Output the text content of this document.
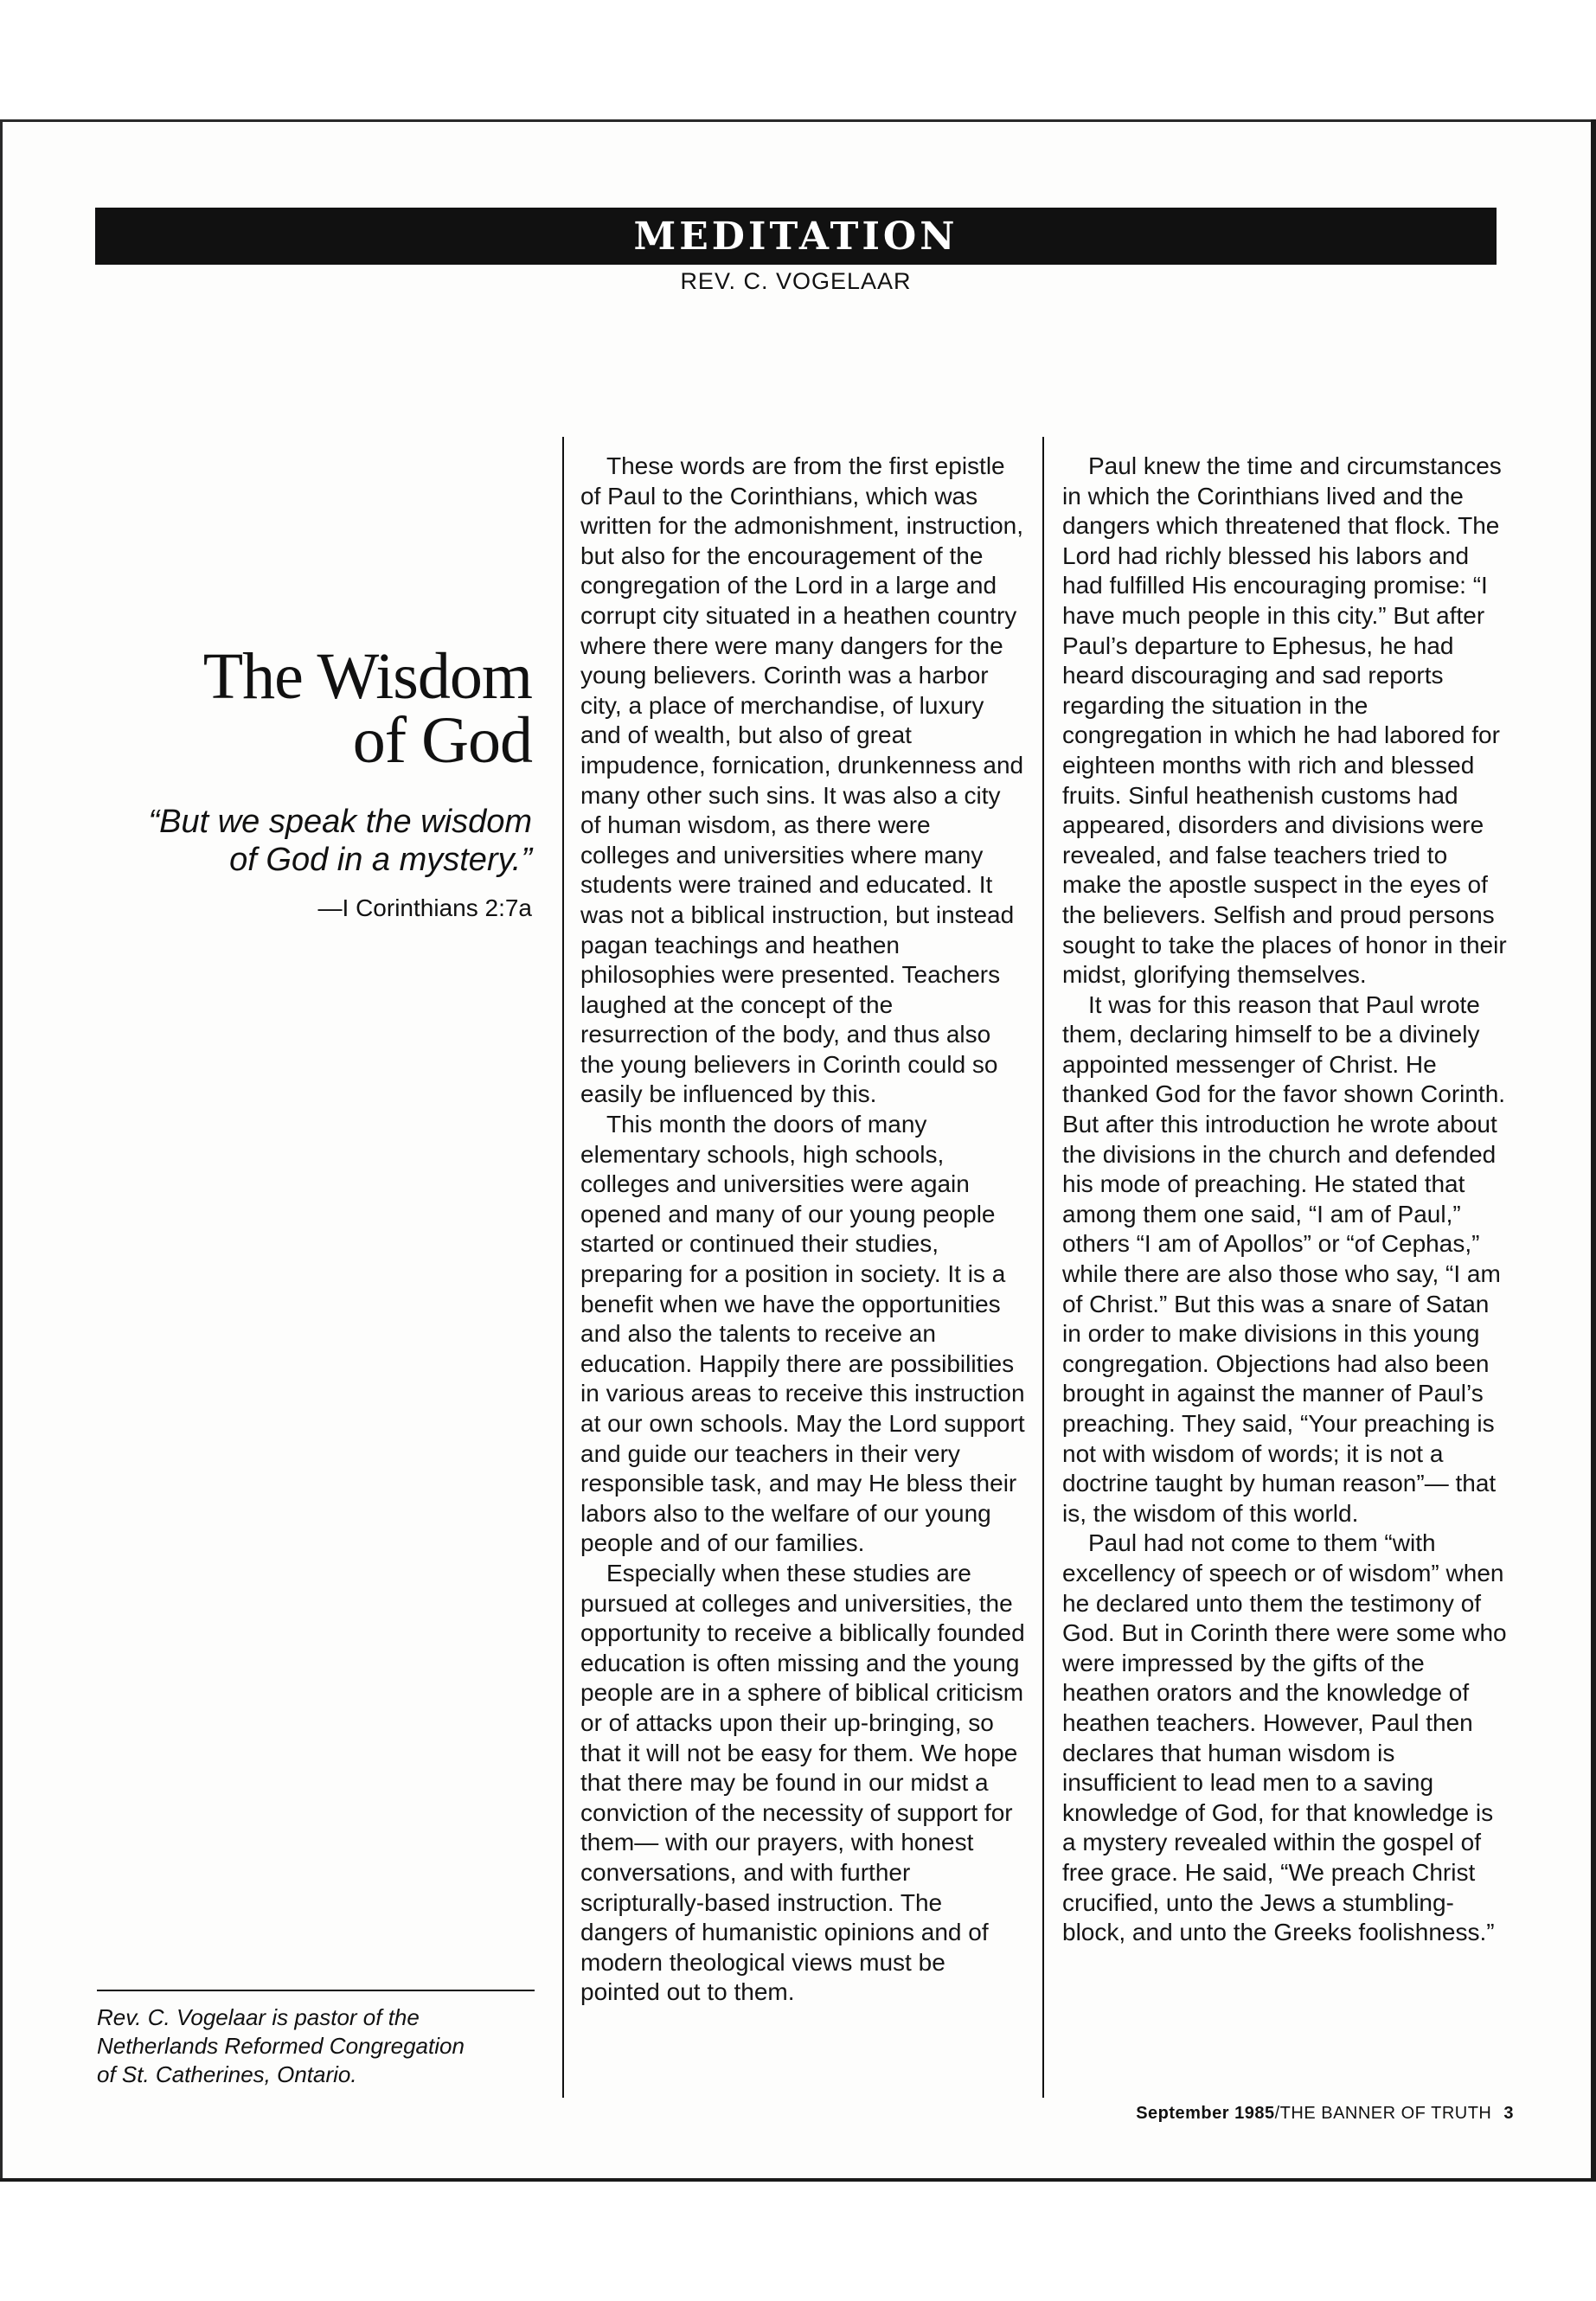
MEDITATION
REV. C. VOGELAAR
The Wisdom
of God
“But we speak the wisdom
of God in a mystery.”
—I Corinthians 2:7a
Rev. C. Vogelaar is pastor of the
Netherlands Reformed Congregation
of St. Catherines, Ontario.

These words are from the first epistle of Paul to the Corinthians, which was written for the admonishment, instruction, but also for the encouragement of the congregation of the Lord in a large and corrupt city situated in a heathen country where there were many dangers for the young believers. Corinth was a harbor city, a place of merchandise, of luxury and of wealth, but also of great impudence, fornication, drunkenness and many other such sins. It was also a city of human wisdom, as there were colleges and universities where many students were trained and educated. It was not a biblical instruction, but instead pagan teachings and heathen philosophies were presented. Teachers laughed at the concept of the resurrection of the body, and thus also the young believers in Corinth could so easily be influenced by this.

This month the doors of many elementary schools, high schools, colleges and universities were again opened and many of our young people started or continued their studies, preparing for a position in society. It is a benefit when we have the opportunities and also the talents to receive an education. Happily there are possibilities in various areas to receive this instruction at our own schools. May the Lord support and guide our teachers in their very responsible task, and may He bless their labors also to the welfare of our young people and of our families.

Especially when these studies are pursued at colleges and universities, the opportunity to receive a biblically founded education is often missing and the young people are in a sphere of biblical criticism or of attacks upon their up-bringing, so that it will not be easy for them. We hope that there may be found in our midst a conviction of the necessity of support for them— with our prayers, with honest conversations, and with further scripturally-based instruction. The dangers of humanistic opinions and of modern theological views must be pointed out to them.

Paul knew the time and circumstances in which the Corinthians lived and the dangers which threatened that flock. The Lord had richly blessed his labors and had fulfilled His encouraging promise: “I have much people in this city.” But after Paul’s departure to Ephesus, he had heard discouraging and sad reports regarding the situation in the congregation in which he had labored for eighteen months with rich and blessed fruits. Sinful heathenish customs had appeared, disorders and divisions were revealed, and false teachers tried to make the apostle suspect in the eyes of the believers. Selfish and proud persons sought to take the places of honor in their midst, glorifying themselves.

It was for this reason that Paul wrote them, declaring himself to be a divinely appointed messenger of Christ. He thanked God for the favor shown Corinth. But after this introduction he wrote about the divisions in the church and defended his mode of preaching. He stated that among them one said, “I am of Paul,” others “I am of Apollos” or “of Cephas,” while there are also those who say, “I am of Christ.” But this was a snare of Satan in order to make divisions in this young congregation. Objections had also been brought in against the manner of Paul’s preaching. They said, “Your preaching is not with wisdom of words; it is not a doctrine taught by human reason”— that is, the wisdom of this world.

Paul had not come to them “with excellency of speech or of wisdom” when he declared unto them the testimony of God. But in Corinth there were some who were impressed by the gifts of the heathen orators and the knowledge of heathen teachers. However, Paul then declares that human wisdom is insufficient to lead men to a saving knowledge of God, for that knowledge is a mystery revealed within the gospel of free grace. He said, “We preach Christ crucified, unto the Jews a stumbling-block, and unto the Greeks foolishness.”

September 1985/THE BANNER OF TRUTH 3
